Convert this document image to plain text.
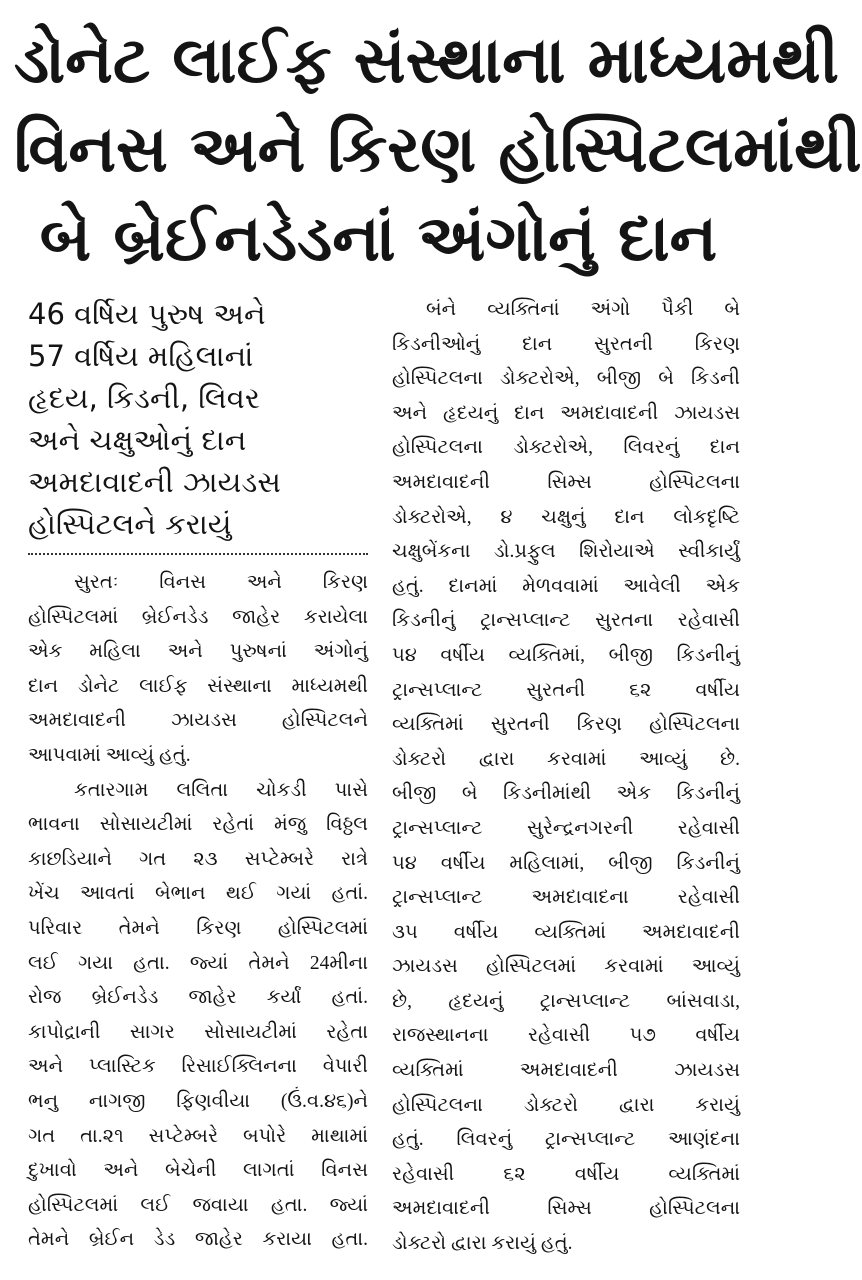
ડોનેટ લાઈફ સંસ્થાના માધ્યમથી
વિનસ અને કિરણ હોસ્પિટલમાંથી
બે બ્રેઈનડેડનાં અંગોનું દાન
46 વર્ષિય પુરુષ અને
57 વર્ષિય મહિલાનાં
હૃદય, કિડની, લિવર
અને ચક્ષુઓનું દાન
અમદાવાદની ઝાયડસ
હોસ્પિટલને કરાયું
સુરતઃ વિનસ અને કિરણ
હોસ્પિટલમાં બ્રેઈનડેડ જાહેર કરાયેલા
એક મહિલા અને પુરુષનાં અંગોનું
દાન ડોનેટ લાઈફ સંસ્થાના માધ્યમથી
અમદાવાદની ઝાયડસ હોસ્પિટલને
આપવામાં આવ્યું હતું.
કતારગામ લલિતા ચોકડી પાસે
ભાવના સોસાયટીમાં રહેતાં મંજુ વિઠ્ઠલ
કાછડિયાને ગત ૨૩ સપ્ટેમ્બરે રાત્રે
ખેંચ આવતાં બેભાન થઈ ગયાં હતાં.
પરિવાર તેમને કિરણ હોસ્પિટલમાં
લઈ ગયા હતા. જ્યાં તેમને 24મીના
રોજ બ્રેઈનડેડ જાહેર કર્યાં હતાં.
કાપોદ્રાની સાગર સોસાયટીમાં રહેતા
અને પ્લાસ્ટિક રિસાઈક્લિનના વેપારી
ભનુ નાગજી ફિણવીયા (ઉં.વ.૪૬)ને
ગત તા.૨૧ સપ્ટેમ્બરે બપોરે માથામાં
દુખાવો અને બેચેની લાગતાં વિનસ
હોસ્પિટલમાં લઈ જવાયા હતા. જ્યાં
તેમને બ્રેઈન ડેડ જાહેર કરાયા હતા.
બંને વ્યક્તિનાં અંગો પૈકી બે
કિડનીઓનું દાન સુરતની કિરણ
હોસ્પિટલના ડોક્ટરોએ, બીજી બે કિડની
અને હૃદયનું દાન અમદાવાદની ઝાયડસ
હોસ્પિટલના ડોક્ટરોએ, લિવરનું દાન
અમદાવાદની સિમ્સ હોસ્પિટલના
ડોક્ટરોએ, ૪ ચક્ષુનું દાન લોકદૃષ્ટિ
ચક્ષુબેંકના ડો.પ્રફુલ શિરોયાએ સ્વીકાર્યું
હતું. દાનમાં મેળવવામાં આવેલી એક
કિડનીનું ટ્રાન્સપ્લાન્ટ સુરતના રહેવાસી
૫૪ વર્ષીય વ્યક્તિમાં, બીજી કિડનીનું
ટ્રાન્સપ્લાન્ટ સુરતની ૬૨ વર્ષીય
વ્યક્તિમાં સુરતની કિરણ હોસ્પિટલના
ડોક્ટરો દ્વારા કરવામાં આવ્યું છે.
બીજી બે કિડનીમાંથી એક કિડનીનું
ટ્રાન્સપ્લાન્ટ સુરેન્દ્રનગરની રહેવાસી
૫૪ વર્ષીય મહિલામાં, બીજી કિડનીનું
ટ્રાન્સપ્લાન્ટ અમદાવાદના રહેવાસી
૩૫ વર્ષીય વ્યક્તિમાં અમદાવાદની
ઝાયડસ હોસ્પિટલમાં કરવામાં આવ્યું
છે, હૃદયનું ટ્રાન્સપ્લાન્ટ બાંસવાડા,
રાજસ્થાનના રહેવાસી ૫૭ વર્ષીય
વ્યક્તિમાં અમદાવાદની ઝાયડસ
હોસ્પિટલના ડોક્ટરો દ્વારા કરાયું
હતું. લિવરનું ટ્રાન્સપ્લાન્ટ આણંદના
રહેવાસી ૬૨ વર્ષીય વ્યક્તિમાં
અમદાવાદની સિમ્સ હોસ્પિટલના
ડોક્ટરો દ્વારા કરાયું હતું.
